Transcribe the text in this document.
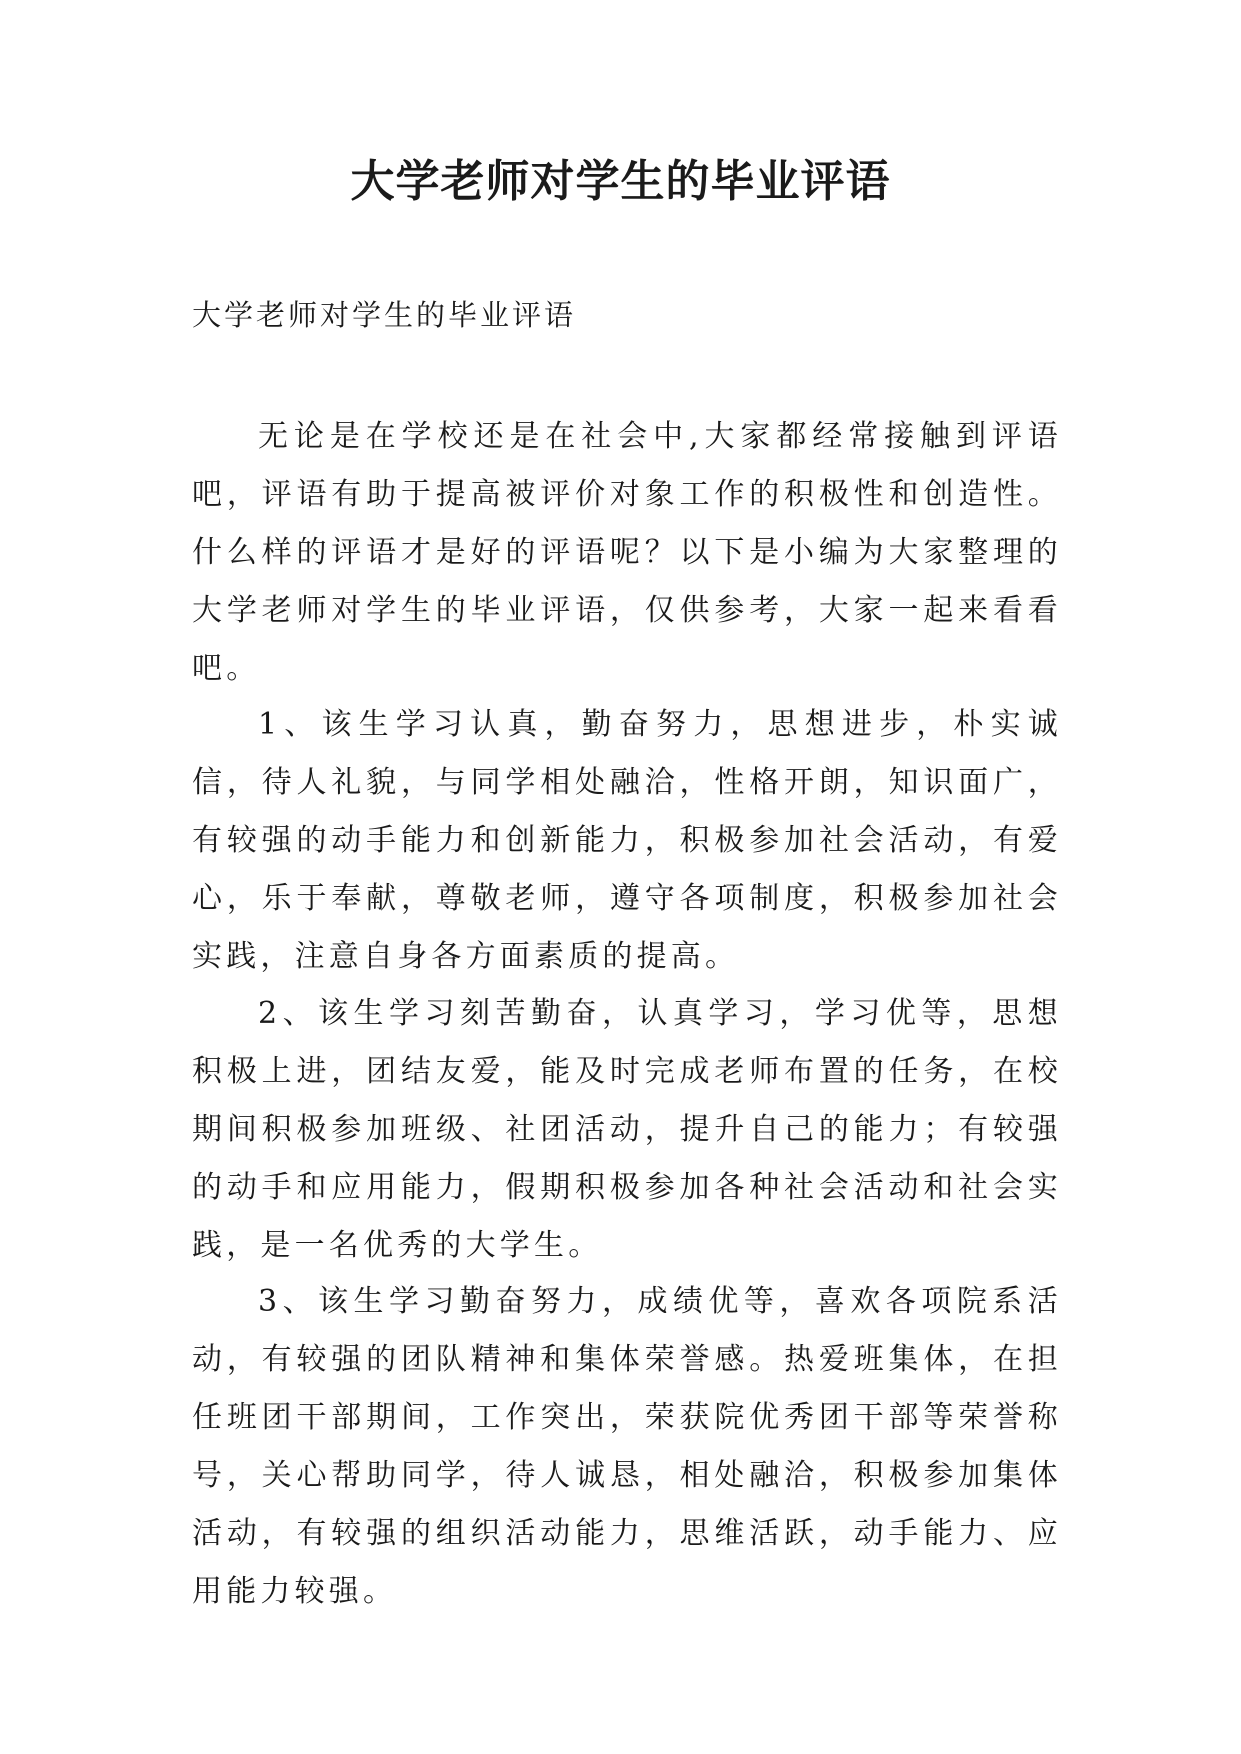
大学老师对学生的毕业评语

大学老师对学生的毕业评语

无论是在学校还是在社会中,大家都经常接触到评语吧，评语有助于提高被评价对象工作的积极性和创造性。什么样的评语才是好的评语呢？以下是小编为大家整理的大学老师对学生的毕业评语，仅供参考，大家一起来看看吧。

1、该生学习认真，勤奋努力，思想进步，朴实诚信，待人礼貌，与同学相处融洽，性格开朗，知识面广，有较强的动手能力和创新能力，积极参加社会活动，有爱心，乐于奉献，尊敬老师，遵守各项制度，积极参加社会实践，注意自身各方面素质的提高。

2、该生学习刻苦勤奋，认真学习，学习优等，思想积极上进，团结友爱，能及时完成老师布置的任务，在校期间积极参加班级、社团活动，提升自己的能力；有较强的动手和应用能力，假期积极参加各种社会活动和社会实践，是一名优秀的大学生。

3、该生学习勤奋努力，成绩优等，喜欢各项院系活动，有较强的团队精神和集体荣誉感。热爱班集体，在担任班团干部期间，工作突出，荣获院优秀团干部等荣誉称号，关心帮助同学，待人诚恳，相处融洽，积极参加集体活动，有较强的组织活动能力，思维活跃，动手能力、应用能力较强。
